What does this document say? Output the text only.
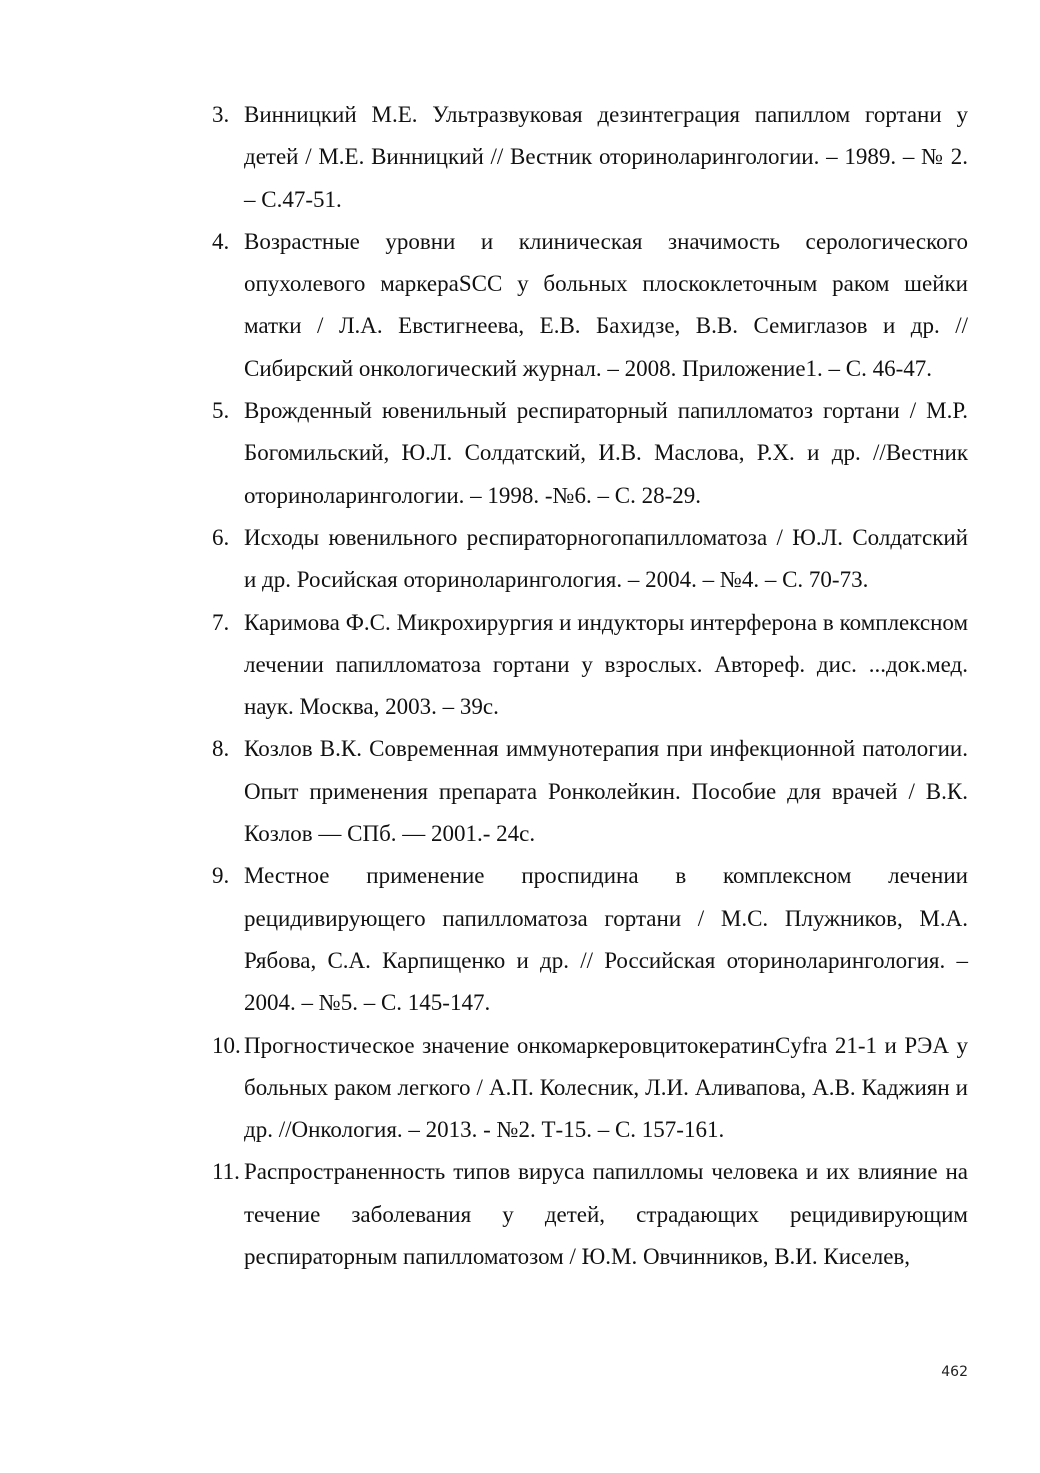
3. Винницкий М.Е. Ультразвуковая дезинтеграция папиллом гортани у детей / М.Е. Винницкий // Вестник оториноларингологии. – 1989. – № 2. – С.47-51.
4. Возрастные уровни и клиническая значимость серологического опухолевого маркераSCC у больных плоскоклеточным раком шейки матки / Л.А. Евстигнеева, Е.В. Бахидзе, В.В. Семиглазов и др. //Сибирский онкологический журнал. – 2008. Приложение1. – С. 46-47.
5. Врожденный ювенильный респираторный папилломатоз гортани / М.Р. Богомильский, Ю.Л. Солдатский, И.В. Маслова, Р.Х. и др. //Вестник оториноларингологии. – 1998. -№6. – С. 28-29.
6. Исходы ювенильного респираторногопапилломатоза / Ю.Л. Солдатский и др. Росийская оториноларингология. – 2004. – №4. – С. 70-73.
7. Каримова Ф.С. Микрохирургия и индукторы интерферона в комплексном лечении папилломатоза гортани у взрослых. Автореф. дис. ...док.мед. наук. Москва, 2003. – 39с.
8. Козлов В.К. Современная иммунотерапия при инфекционной патологии. Опыт применения препарата Ронколейкин. Пособие для врачей / В.К. Козлов — СПб. — 2001.- 24с.
9. Местное применение проспидина в комплексном лечении рецидивирующего папилломатоза гортани / М.С. Плужников, М.А. Рябова, С.А. Карпищенко и др. // Российская оториноларингология. – 2004. – №5. – С. 145-147.
10. Прогностическое значение онкомаркеровцитокератинCyfra 21-1 и РЭА у больных раком легкого / А.П. Колесник, Л.И. Аливапова, А.В. Каджиян и др. //Онкология. – 2013. - №2. Т-15. – С. 157-161.
11. Распространенность типов вируса папилломы человека и их влияние на течение заболевания у детей, страдающих рецидивирующим респираторным папилломатозом / Ю.М. Овчинников, В.И. Киселев,
462
